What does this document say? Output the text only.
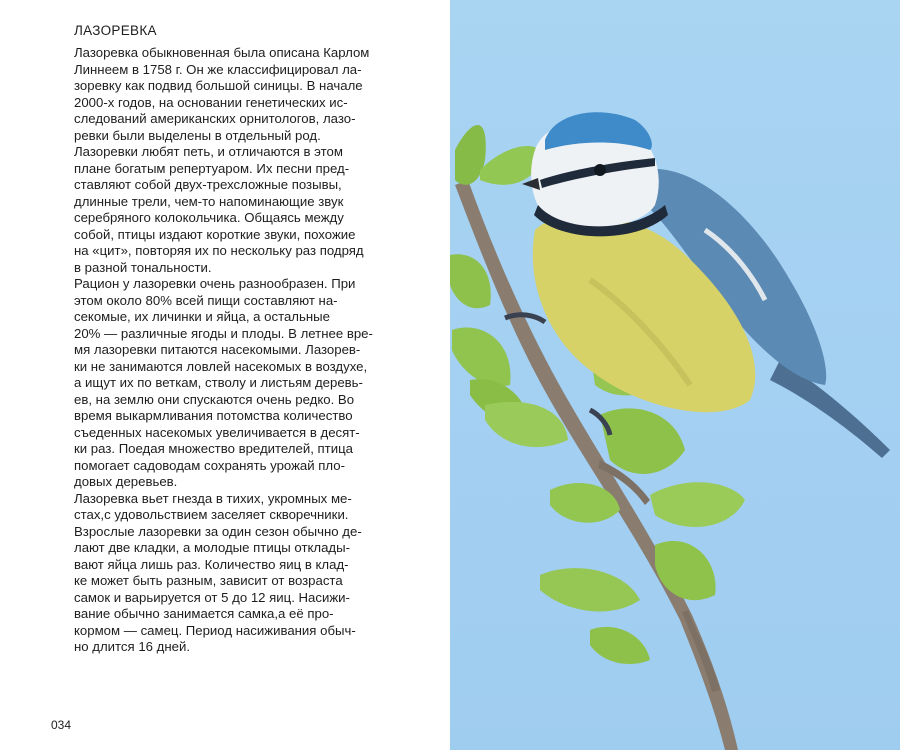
ЛАЗОРЕВКА
Лазоревка обыкновенная была описана Карлом
Линнеем в 1758 г. Он же классифицировал ла-
зоревку как подвид большой синицы. В начале
2000-х годов, на основании генетических ис-
следований американских орнитологов, лазо-
ревки были выделены в отдельный род.
Лазоревки любят петь, и отличаются в этом
плане богатым репертуаром. Их песни пред-
ставляют собой двух-трехсложные позывы,
длинные трели, чем-то напоминающие звук
серебряного колокольчика. Общаясь между
собой, птицы издают короткие звуки, похожие
на «цит», повторяя их по нескольку раз подряд
в разной тональности.
Рацион у лазоревки очень разнообразен. При
этом около 80% всей пищи составляют на-
секомые, их личинки и яйца, а остальные
20% — различные ягоды и плоды. В летнее вре-
мя лазоревки питаются насекомыми. Лазорев-
ки не занимаются ловлей насекомых в воздухе,
а ищут их по веткам, стволу и листьям деревь-
ев, на землю они спускаются очень редко. Во
время выкармливания потомства количество
съеденных насекомых увеличивается в десят-
ки раз. Поедая множество вредителей, птица
помогает садоводам сохранять урожай пло-
довых деревьев.
Лазоревка вьет гнезда в тихих, укромных ме-
стах,с удовольствием заселяет скворечники.
Взрослые лазоревки за один сезон обычно де-
лают две кладки, а молодые птицы отклады-
вают яйца лишь раз. Количество яиц в клад-
ке может быть разным, зависит от возраста
самок и варьируется от 5 до 12 яиц. Насижи-
вание обычно занимается самка,а её про-
кормом — самец. Период насиживания обыч-
но длится 16 дней.
034
